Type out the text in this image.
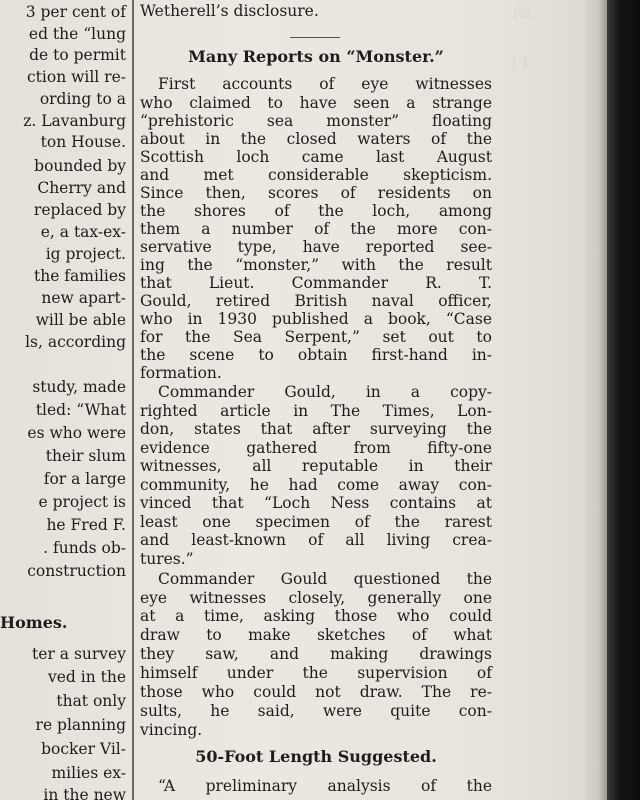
3 per cent of
ed the “lung
de to permit
ction will re-
ording to a
z. Lavanburg
ton House.
bounded by
Cherry and
replaced by
e, a tax-ex-
ig project.
the families
new apart-
will be able
ls, according
study, made
tled: “What
es who were
their slum
for a large
e project is
he Fred F.
. funds ob-
construction
Homes.
ter a survey
ved in the
that only
re planning
bocker Vil-
milies ex-
in the new
Wetherell’s disclosure.
Many Reports on “Monster.”
First accounts of eye witnesses
who claimed to have seen a strange
“prehistoric sea monster” floating
about in the closed waters of the
Scottish loch came last August
and met considerable skepticism.
Since then, scores of residents on
the shores of the loch, among
them a number of the more con-
servative type, have reported see-
ing the “monster,” with the result
that Lieut. Commander R. T.
Gould, retired British naval officer,
who in 1930 published a book, “Case
for the Sea Serpent,” set out to
the scene to obtain first-hand in-
formation.
Commander Gould, in a copy-
righted article in The Times, Lon-
don, states that after surveying the
evidence gathered from fifty-one
witnesses, all reputable in their
community, he had come away con-
vinced that “Loch Ness contains at
least one specimen of the rarest
and least-known of all living crea-
tures.”
Commander Gould questioned the
eye witnesses closely, generally one
at a time, asking those who could
draw to make sketches of what
they saw, and making drawings
himself under the supervision of
those who could not draw. The re-
sults, he said, were quite con-
vincing.
50-Foot Length Suggested.
“A preliminary analysis of the
RS
[ ]
